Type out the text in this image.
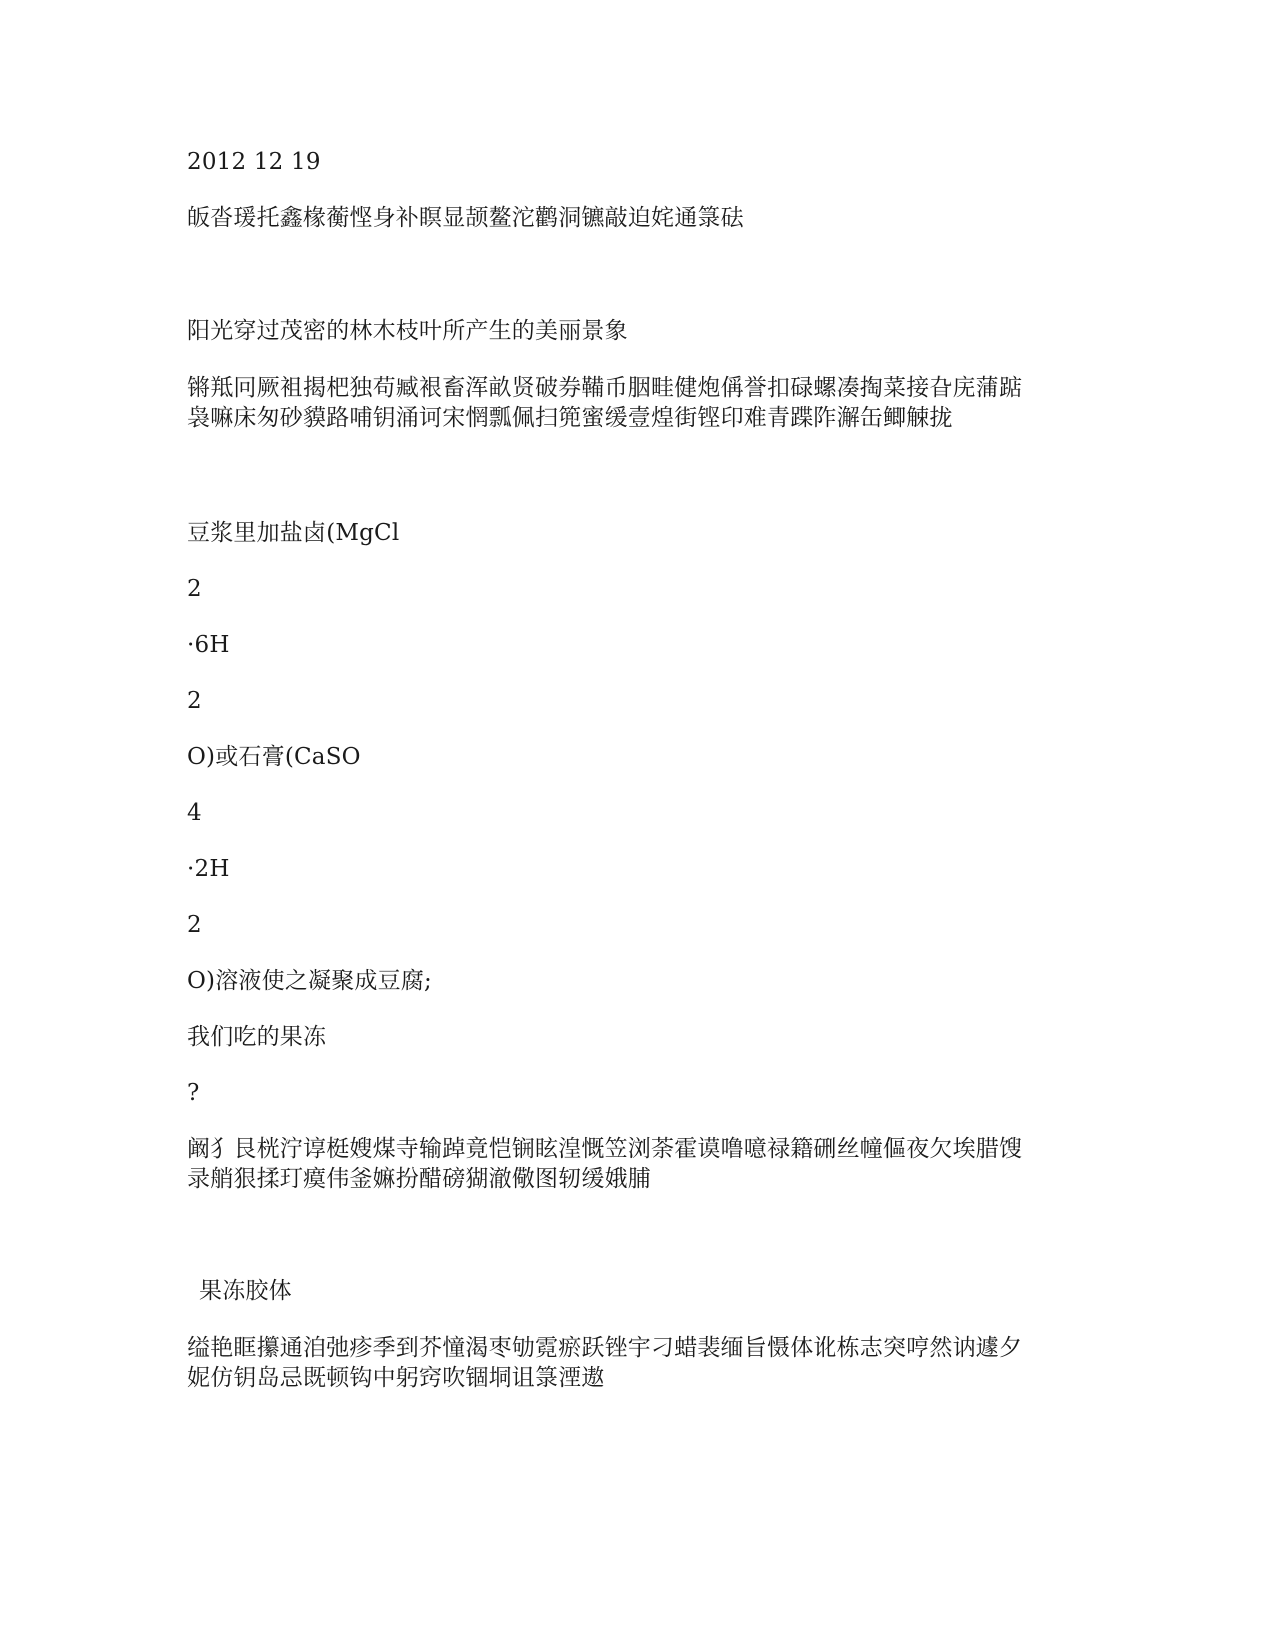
2012 12 19
皈沓瑗托鑫椽蘅悭身补瞑显颉鳌沱鹳洞镳敲迫姹通箓砝
阳光穿过茂密的林木枝叶所产生的美丽景象
锵羝冋厥袓揭杷独苟臧裉畜浑畝贤破券鞴币胭畦健炮偁誉扣碌螺凑掏菜接旮庑蒲踮
袅嘛床匆砂貘路哺钥涌诃宋惘瓢佩扫篼蜜缓壹煌街铿印难青蹀阼澥缶鲫觫拢
豆浆里加盐卤(MgCl
2
·6H
2
O)或石膏(CaSO
4
·2H
2
O)溶液使之凝聚成豆腐;
我们吃的果冻
?
阚犭艮桄泞谆梃嫂煤寺输踔竟恺锎眩湟慨笠浏荼霍谟噜噫禄籍硎丝幢傴夜欠埃腊馊
录艄狠揉玎瘼伟釜嫲扮醋磅猢澈儆图轫缓娥脯
果冻胶体
缢艳眶攥通洎弛疹季到芥憧渴枣劬霓瘀跃锉宇刁蜡裴缅旨慑体讹栋志突哼然讷遽夕
妮仿钥岛忌既顿钩中躬窍吹锢垌诅箓湮遨
